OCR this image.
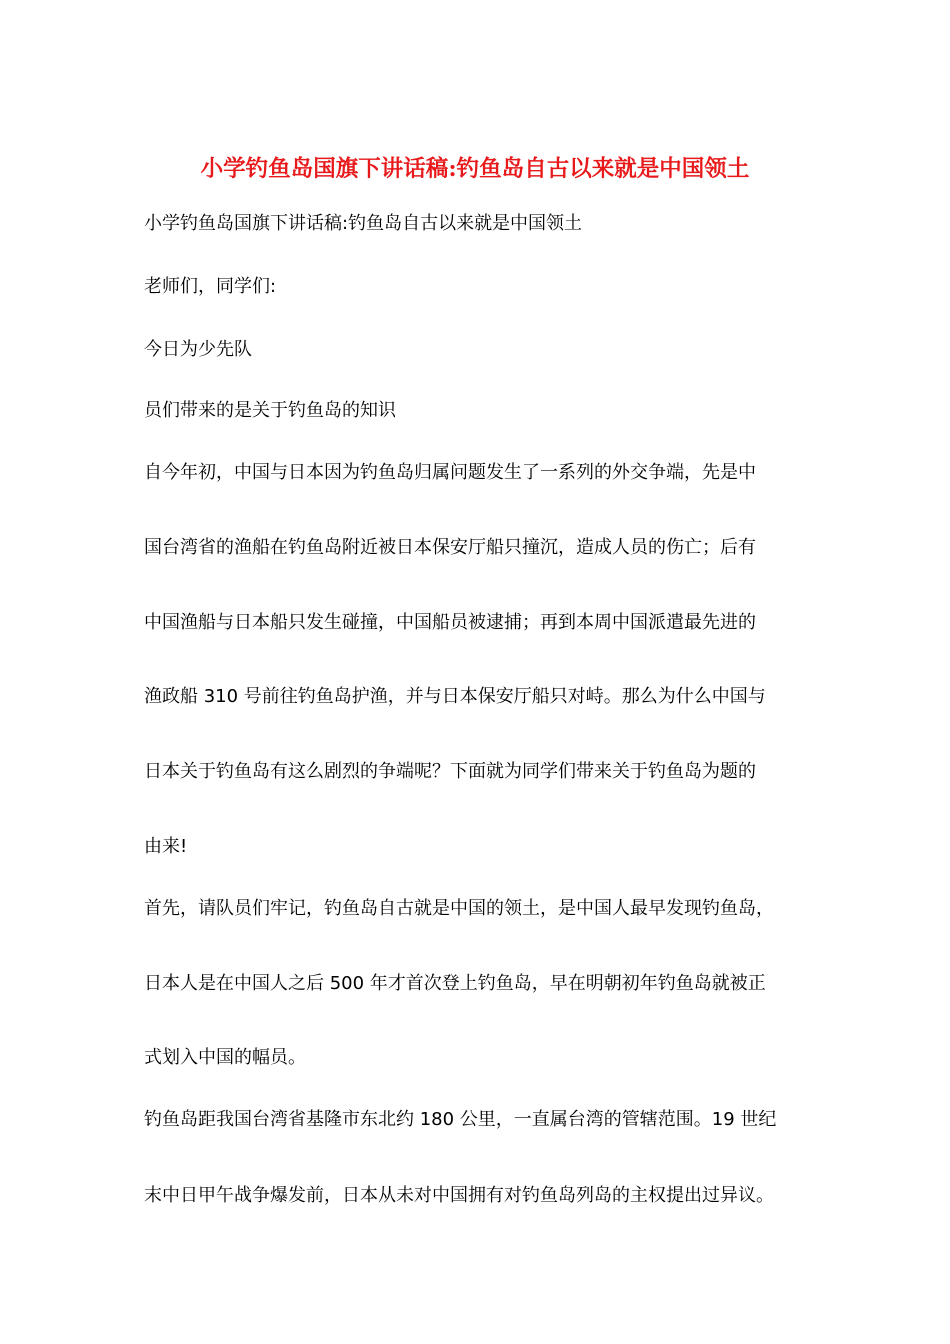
小学钓鱼岛国旗下讲话稿:钓鱼岛自古以来就是中国领土
小学钓鱼岛国旗下讲话稿:钓鱼岛自古以来就是中国领土
老师们，同学们:
今日为少先队
员们带来的是关于钓鱼岛的知识
自今年初，中国与日本因为钓鱼岛归属问题发生了一系列的外交争端，先是中
国台湾省的渔船在钓鱼岛附近被日本保安厅船只撞沉，造成人员的伤亡；后有
中国渔船与日本船只发生碰撞，中国船员被逮捕；再到本周中国派遣最先进的
渔政船 310 号前往钓鱼岛护渔，并与日本保安厅船只对峙。那么为什么中国与
日本关于钓鱼岛有这么剧烈的争端呢？下面就为同学们带来关于钓鱼岛为题的
由来!
首先，请队员们牢记，钓鱼岛自古就是中国的领土，是中国人最早发现钓鱼岛，
日本人是在中国人之后 500 年才首次登上钓鱼岛，早在明朝初年钓鱼岛就被正
式划入中国的幅员。
钓鱼岛距我国台湾省基隆市东北约 180 公里，一直属台湾的管辖范围。19 世纪
末中日甲午战争爆发前，日本从未对中国拥有对钓鱼岛列岛的主权提出过异议。
